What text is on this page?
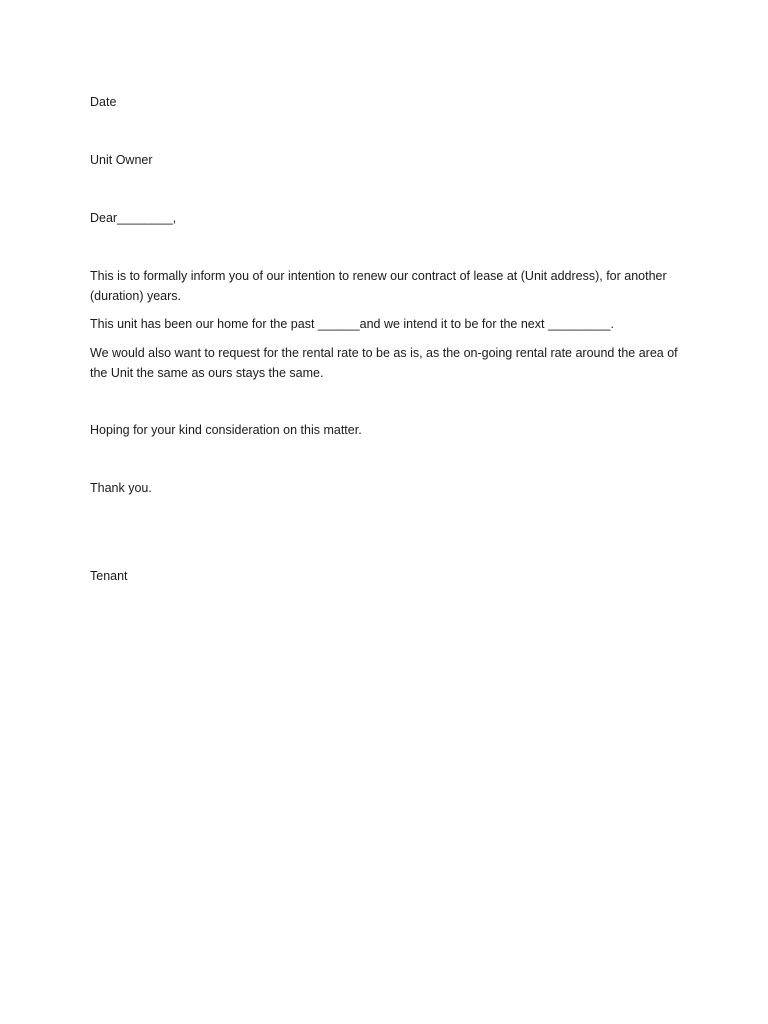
Date

Unit Owner

Dear________,

This is to formally inform you of our intention to renew our contract of lease at (Unit address), for another (duration) years.

This unit has been our home for the past ______and we intend it to be for the next _________.

We would also want to request for the rental rate to be as is, as the on-going rental rate around the area of the Unit the same as ours stays the same.

Hoping for your kind consideration on this matter.

Thank you.

Tenant
